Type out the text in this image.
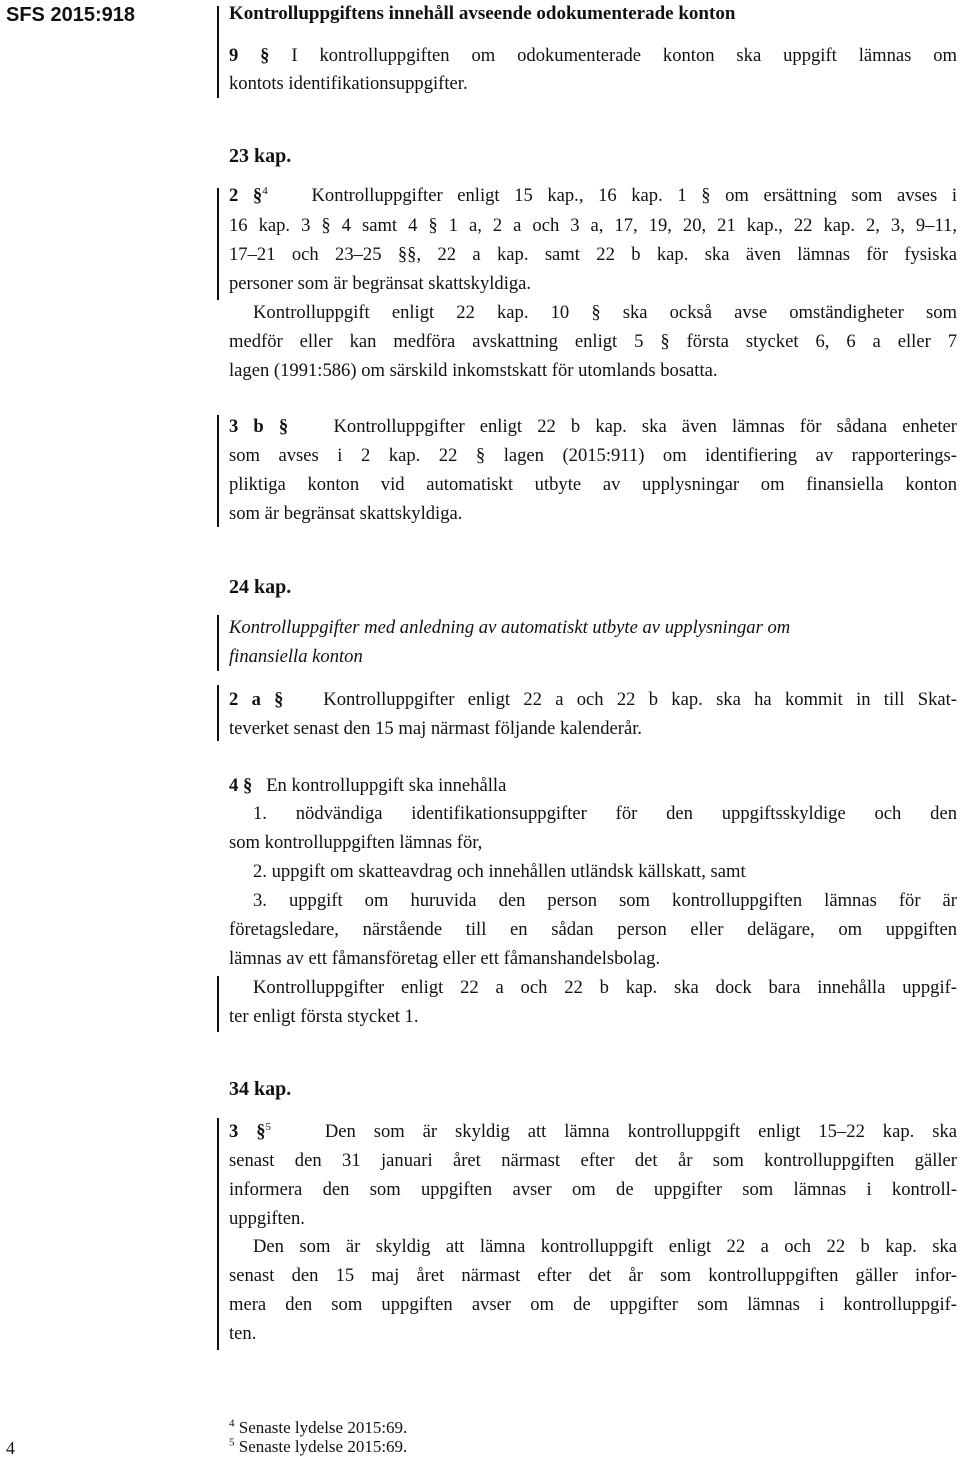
SFS 2015:918	Kontrolluppgiftens innehåll avseende odokumenterade konton
9 § I kontrolluppgiften om odokumenterade konton ska uppgift lämnas om
kontots identifikationsuppgifter.
23 kap.
2 §$^4$ Kontrolluppgifter enligt 15 kap., 16 kap. 1 § om ersättning som avses i
16 kap. 3 § 4 samt 4 § 1 a, 2 a och 3 a, 17, 19, 20, 21 kap., 22 kap. 2, 3, 9–11,
17–21 och 23–25 §§, 22 a kap. samt 22 b kap. ska även lämnas för fysiska
personer som är begränsat skattskyldiga.
Kontrolluppgift enligt 22 kap. 10 § ska också avse omständigheter som
medför eller kan medföra avskattning enligt 5 § första stycket 6, 6 a eller 7
lagen (1991:586) om särskild inkomstskatt för utomlands bosatta.
3 b § Kontrolluppgifter enligt 22 b kap. ska även lämnas för sådana enheter
som avses i 2 kap. 22 § lagen (2015:911) om identifiering av rapporterings-
pliktiga konton vid automatiskt utbyte av upplysningar om finansiella konton
som är begränsat skattskyldiga.
24 kap.
Kontrolluppgifter med anledning av automatiskt utbyte av upplysningar om
finansiella konton
2 a § Kontrolluppgifter enligt 22 a och 22 b kap. ska ha kommit in till Skat-
teverket senast den 15 maj närmast följande kalenderår.
4 § En kontrolluppgift ska innehålla
1. nödvändiga identifikationsuppgifter för den uppgiftsskyldige och den
som kontrolluppgiften lämnas för,
2. uppgift om skatteavdrag och innehållen utländsk källskatt, samt
3. uppgift om huruvida den person som kontrolluppgiften lämnas för är
företagsledare, närstående till en sådan person eller delägare, om uppgiften
lämnas av ett fåmansföretag eller ett fåmanshandelsbolag.
Kontrolluppgifter enligt 22 a och 22 b kap. ska dock bara innehålla uppgif-
ter enligt första stycket 1.
34 kap.
3 §$^5$	Den som är skyldig att lämna kontrolluppgift enligt 15–22 kap. ska
senast den 31 januari året närmast efter det år som kontrolluppgiften gäller
informera den som uppgiften avser om de uppgifter som lämnas i kontroll-
uppgiften.
Den som är skyldig att lämna kontrolluppgift enligt 22 a och 22 b kap. ska
senast den 15 maj året närmast efter det år som kontrolluppgiften gäller infor-
mera den som uppgiften avser om de uppgifter som lämnas i kontrolluppgif-
ten.
$^4$ Senaste lydelse 2015:69.
$^5$ Senaste lydelse 2015:69.
4
